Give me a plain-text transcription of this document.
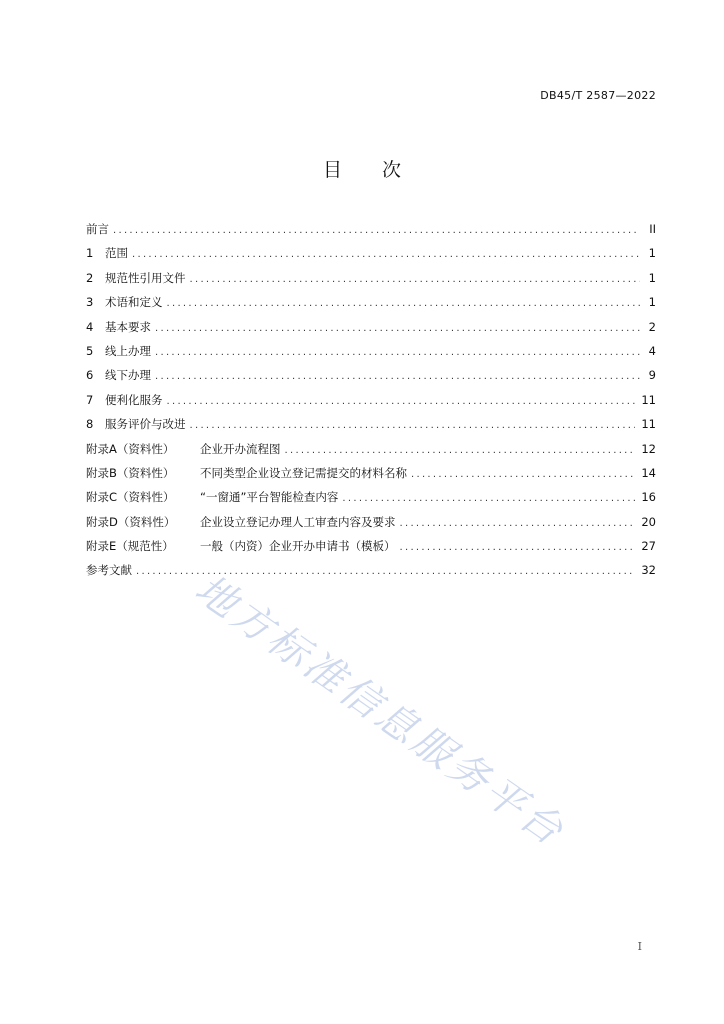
DB45/T 2587—2022
目次
前言 .....	II
1	范围 .....	1
2	规范性引用文件 .....	1
3	术语和定义 .....	1
4	基本要求 .....	2
5	线上办理 .....	4
6	线下办理 .....	9
7	便利化服务 .....	11
8	服务评价与改进 .....	11
附录A（资料性）	企业开办流程图 .....	12
附录B（资料性）	不同类型企业设立登记需提交的材料名称 .....	14
附录C（资料性）	“一窗通”平台智能检查内容 .....	16
附录D（资料性）	企业设立登记办理人工审查内容及要求 .....	20
附录E（规范性）	一般（内资）企业开办申请书（模板） .....	27
参考文献 .....	32
地方标准信息服务平台
I
